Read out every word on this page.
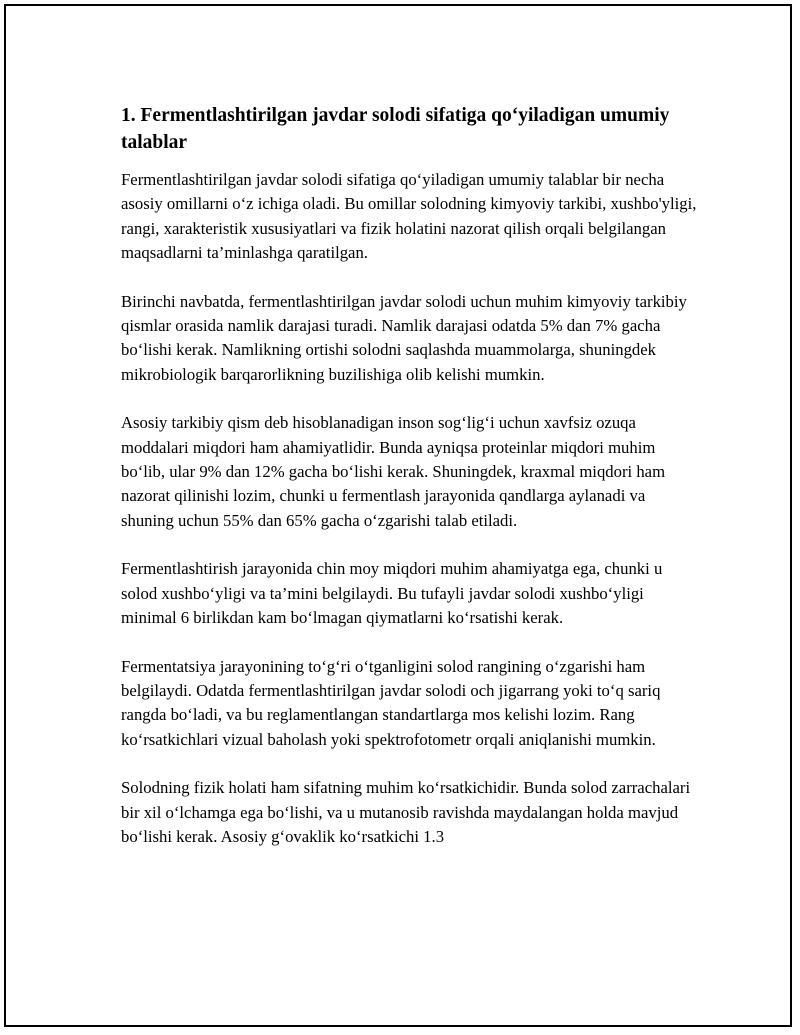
1. Fermentlashtirilgan javdar solodi sifatiga qo‘yiladigan umumiy talablar

Fermentlashtirilgan javdar solodi sifatiga qo‘yiladigan umumiy talablar bir necha asosiy omillarni o‘z ichiga oladi. Bu omillar solodning kimyoviy tarkibi, xushbo'yligi, rangi, xarakteristik xususiyatlari va fizik holatini nazorat qilish orqali belgilangan maqsadlarni ta’minlashga qaratilgan.

Birinchi navbatda, fermentlashtirilgan javdar solodi uchun muhim kimyoviy tarkibiy qismlar orasida namlik darajasi turadi. Namlik darajasi odatda 5% dan 7% gacha bo‘lishi kerak. Namlikning ortishi solodni saqlashda muammolarga, shuningdek mikrobiologik barqarorlikning buzilishiga olib kelishi mumkin.

Asosiy tarkibiy qism deb hisoblanadigan inson sog‘lig‘i uchun xavfsiz ozuqa moddalari miqdori ham ahamiyatlidir. Bunda ayniqsa proteinlar miqdori muhim bo‘lib, ular 9% dan 12% gacha bo‘lishi kerak. Shuningdek, kraxmal miqdori ham nazorat qilinishi lozim, chunki u fermentlash jarayonida qandlarga aylanadi va shuning uchun 55% dan 65% gacha o‘zgarishi talab etiladi.

Fermentlashtirish jarayonida chin moy miqdori muhim ahamiyatga ega, chunki u solod xushbo‘yligi va ta’mini belgilaydi. Bu tufayli javdar solodi xushbo‘yligi minimal 6 birlikdan kam bo‘lmagan qiymatlarni ko‘rsatishi kerak.

Fermentatsiya jarayonining to‘g‘ri o‘tganligini solod rangining o‘zgarishi ham belgilaydi. Odatda fermentlashtirilgan javdar solodi och jigarrang yoki to‘q sariq rangda bo‘ladi, va bu reglamentlangan standartlarga mos kelishi lozim. Rang ko‘rsatkichlari vizual baholash yoki spektrofotometr orqali aniqlanishi mumkin.

Solodning fizik holati ham sifatning muhim ko‘rsatkichidir. Bunda solod zarrachalari bir xil o‘lchamga ega bo‘lishi, va u mutanosib ravishda maydalangan holda mavjud bo‘lishi kerak. Asosiy g‘ovaklik ko‘rsatkichi 1.3
